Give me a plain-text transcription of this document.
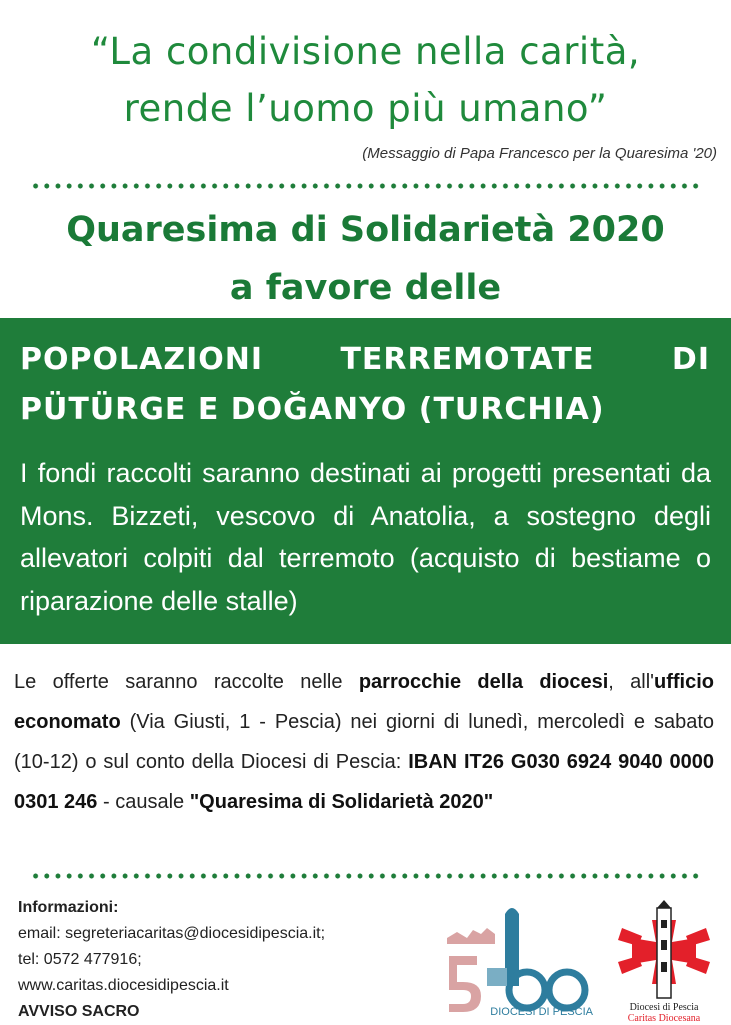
“La condivisione nella carità,
rende l’uomo più umano”
(Messaggio di Papa Francesco per la Quaresima '20)
Quaresima di Solidarietà 2020
a favore delle
POPOLAZIONI TERREMOTATE DI
PÜTÜRGE E DOĞANYO (TURCHIA)
I fondi raccolti saranno destinati ai progetti presentati da Mons. Bizzeti, vescovo di Anatolia, a sostegno degli allevatori colpiti dal terremoto (acquisto di bestiame o riparazione delle stalle)
Le offerte saranno raccolte nelle parrocchie della diocesi, all'ufficio economato (Via Giusti, 1 - Pescia) nei giorni di lunedì, mercoledì e sabato (10-12) o sul conto della Diocesi di Pescia: IBAN IT26 G030 6924 9040 0000 0301 246 - causale "Quaresima di Solidarietà 2020"
Informazioni:
email: segreteriacaritas@diocesidipescia.it;
tel: 0572 477916;
www.caritas.diocesidipescia.it
AVVISO SACRO	DIOCESI DI PESCIA	Diocesi di Pescia
Caritas Diocesana
